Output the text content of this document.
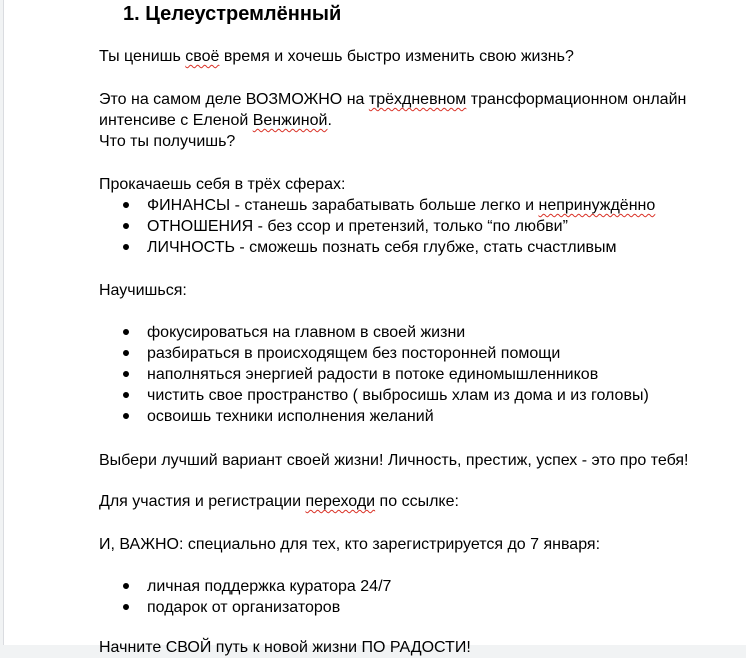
1. Целеустремлённый
Ты ценишь своё время и хочешь быстро изменить свою жизнь?
Это на самом деле ВОЗМОЖНО на трёхдневном трансформационном онлайн
интенсиве с Еленой Венжиной.
Что ты получишь?
Прокачаешь себя в трёх сферах:
ФИНАНСЫ - станешь зарабатывать больше легко и непринуждённо
ОТНОШЕНИЯ - без ссор и претензий, только “по любви”
ЛИЧНОСТЬ - сможешь познать себя глубже, стать счастливым
Научишься:
фокусироваться на главном в своей жизни
разбираться в происходящем без посторонней помощи
наполняться энергией радости в потоке единомышленников
чистить свое пространство ( выбросишь хлам из дома и из головы)
освоишь техники исполнения желаний
Выбери лучший вариант своей жизни! Личность, престиж, успех - это про тебя!
Для участия и регистрации переходи по ссылке:
И, ВАЖНО: специально для тех, кто зарегистрируется до 7 января:
личная поддержка куратора 24/7
подарок от организаторов
Начните СВОЙ путь к новой жизни ПО РАДОСТИ!
